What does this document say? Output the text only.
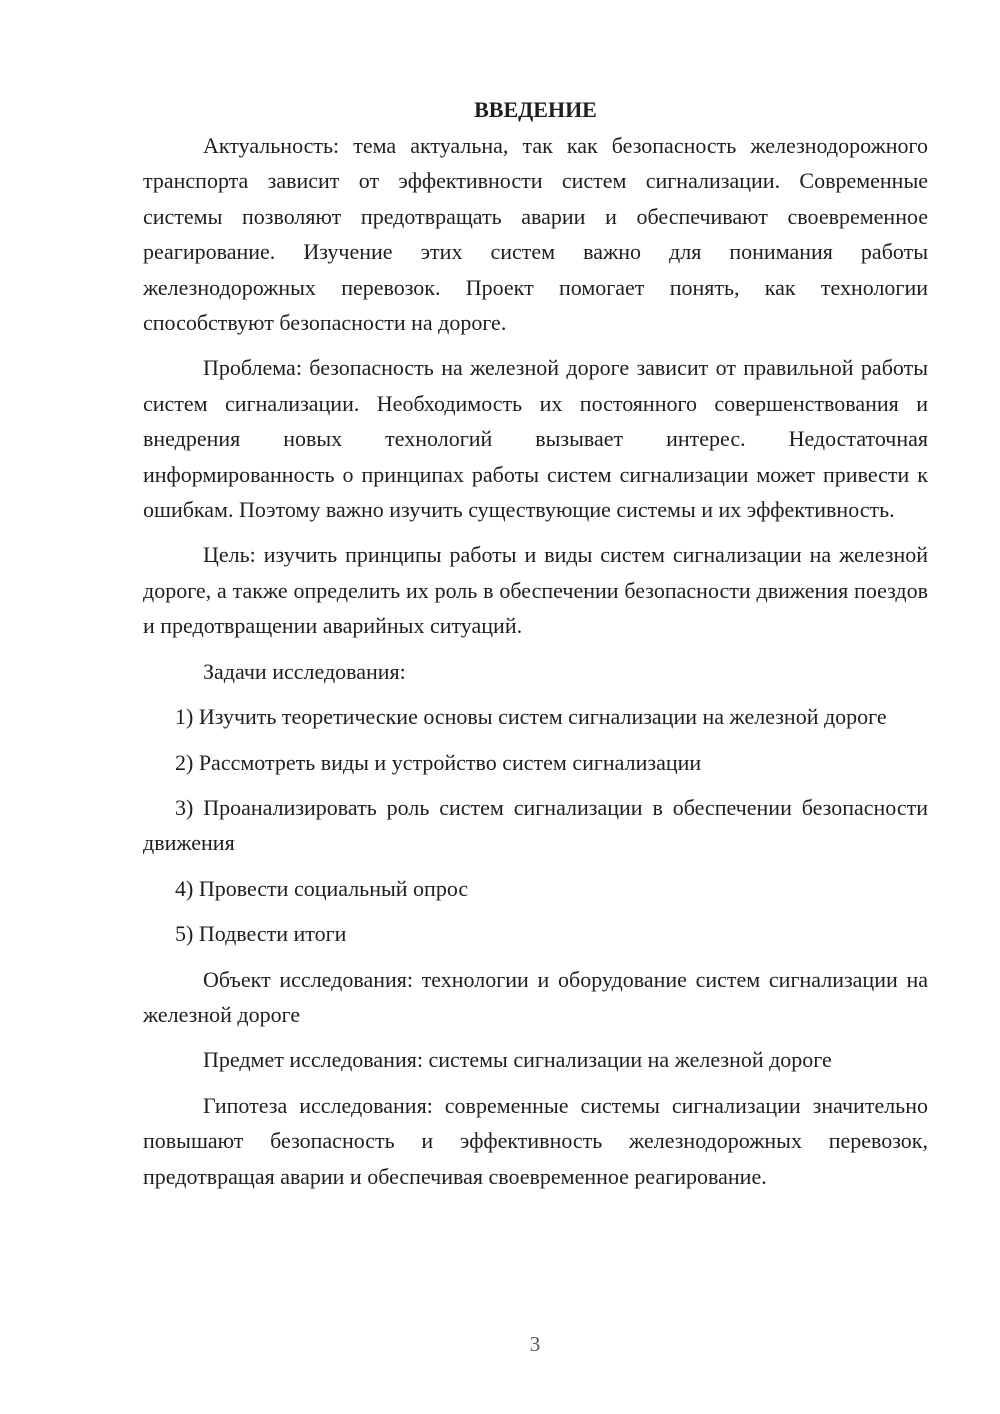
ВВЕДЕНИЕ

Актуальность: тема актуальна, так как безопасность железнодорожного транспорта зависит от эффективности систем сигнализации. Современные системы позволяют предотвращать аварии и обеспечивают своевременное реагирование. Изучение этих систем важно для понимания работы железнодорожных перевозок. Проект помогает понять, как технологии способствуют безопасности на дороге.

Проблема: безопасность на железной дороге зависит от правильной работы систем сигнализации. Необходимость их постоянного совершенствования и внедрения новых технологий вызывает интерес. Недостаточная информированность о принципах работы систем сигнализации может привести к ошибкам. Поэтому важно изучить существующие системы и их эффективность.

Цель: изучить принципы работы и виды систем сигнализации на железной дороге, а также определить их роль в обеспечении безопасности движения поездов и предотвращении аварийных ситуаций.

Задачи исследования:

1) Изучить теоретические основы систем сигнализации на железной дороге

2) Рассмотреть виды и устройство систем сигнализации

3) Проанализировать роль систем сигнализации в обеспечении безопасности движения

4) Провести социальный опрос

5) Подвести итоги

Объект исследования: технологии и оборудование систем сигнализации на железной дороге

Предмет исследования: системы сигнализации на железной дороге

Гипотеза исследования: современные системы сигнализации значительно повышают безопасность и эффективность железнодорожных перевозок, предотвращая аварии и обеспечивая своевременное реагирование.

3
